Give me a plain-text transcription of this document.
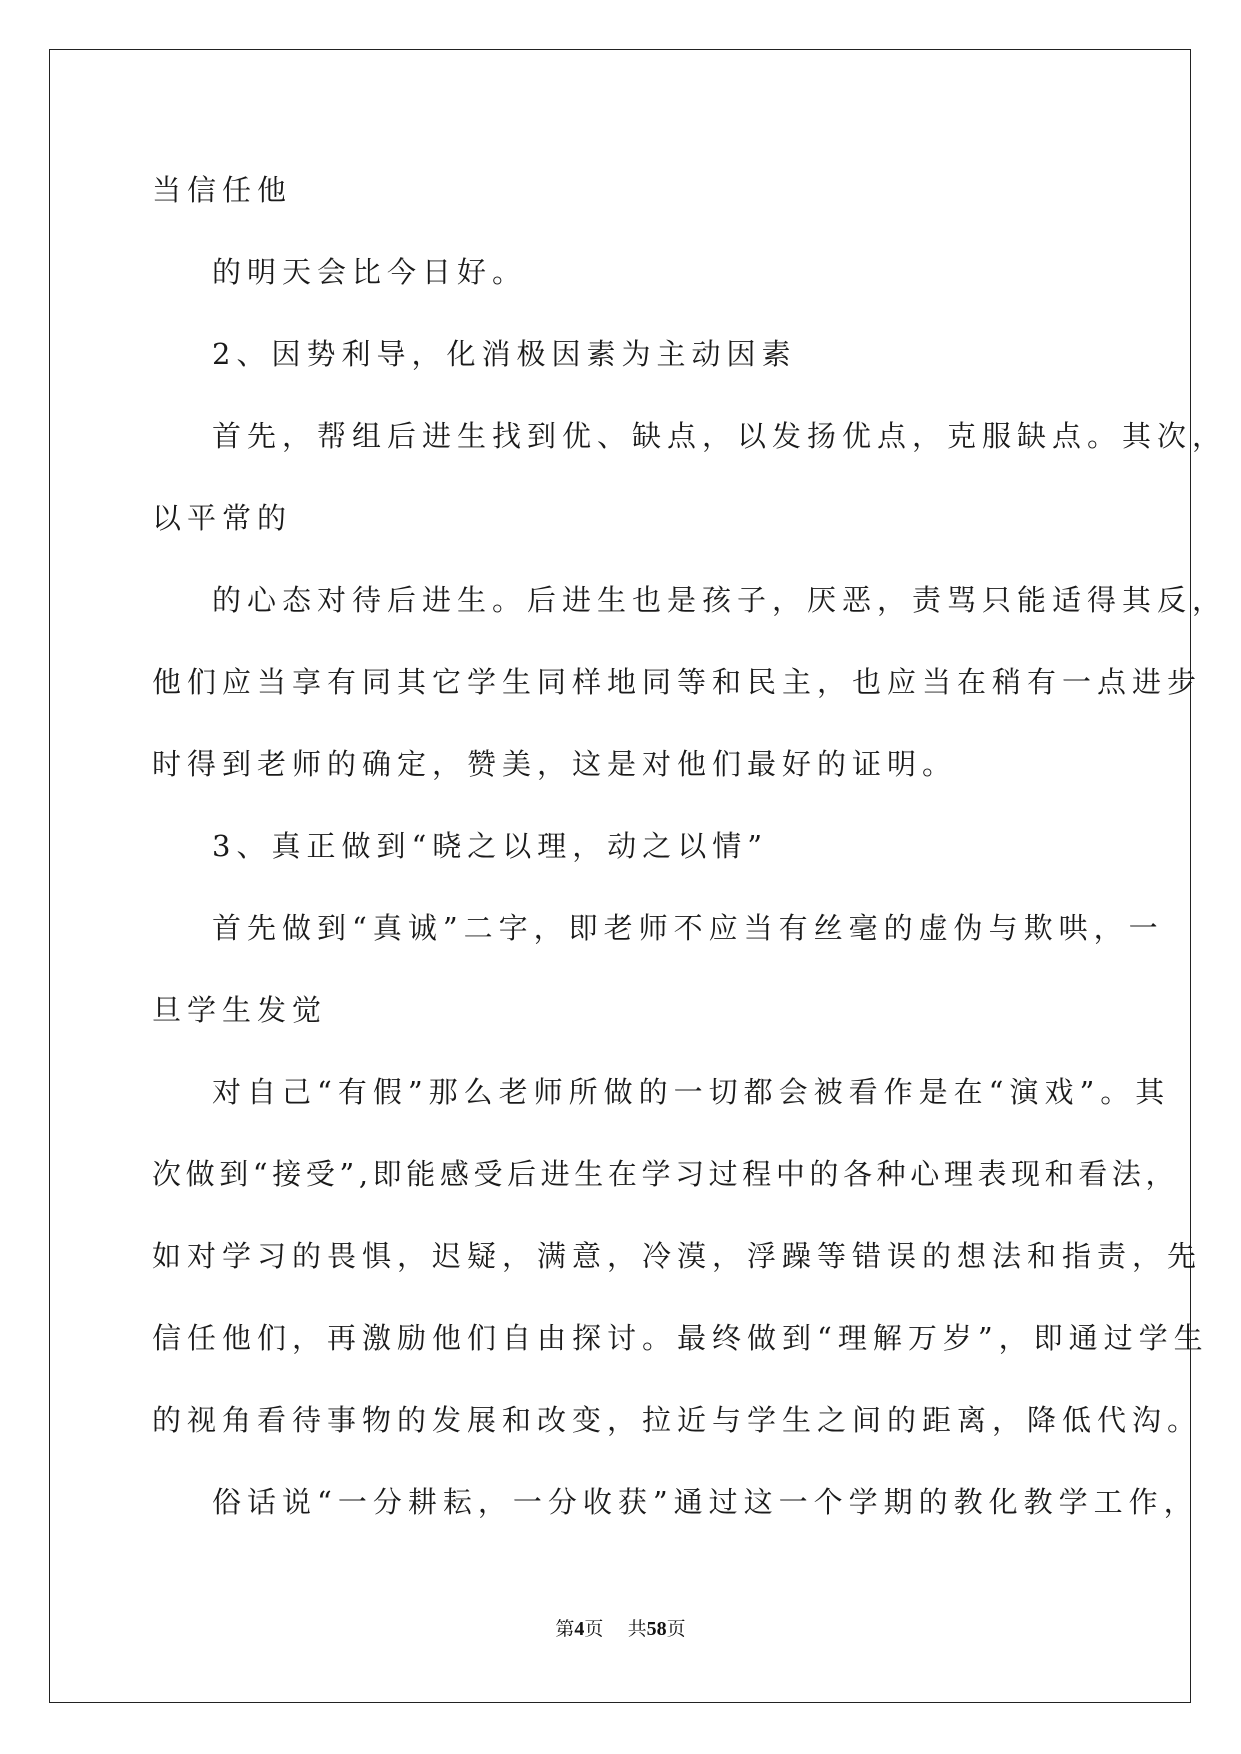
当信任他
的明天会比今日好。
2、因势利导，化消极因素为主动因素
首先，帮组后进生找到优、缺点，以发扬优点，克服缺点。其次，
以平常的
的心态对待后进生。后进生也是孩子，厌恶，责骂只能适得其反，
他们应当享有同其它学生同样地同等和民主，也应当在稍有一点进步
时得到老师的确定，赞美，这是对他们最好的证明。
3、真正做到“晓之以理，动之以情”
首先做到“真诚”二字，即老师不应当有丝毫的虚伪与欺哄，一
旦学生发觉
对自己“有假”那么老师所做的一切都会被看作是在“演戏”。其
次做到“接受”,即能感受后进生在学习过程中的各种心理表现和看法，
如对学习的畏惧，迟疑，满意，冷漠，浮躁等错误的想法和指责，先
信任他们，再激励他们自由探讨。最终做到“理解万岁”，即通过学生
的视角看待事物的发展和改变，拉近与学生之间的距离，降低代沟。
俗话说“一分耕耘，一分收获”通过这一个学期的教化教学工作，
第4页 共58页
